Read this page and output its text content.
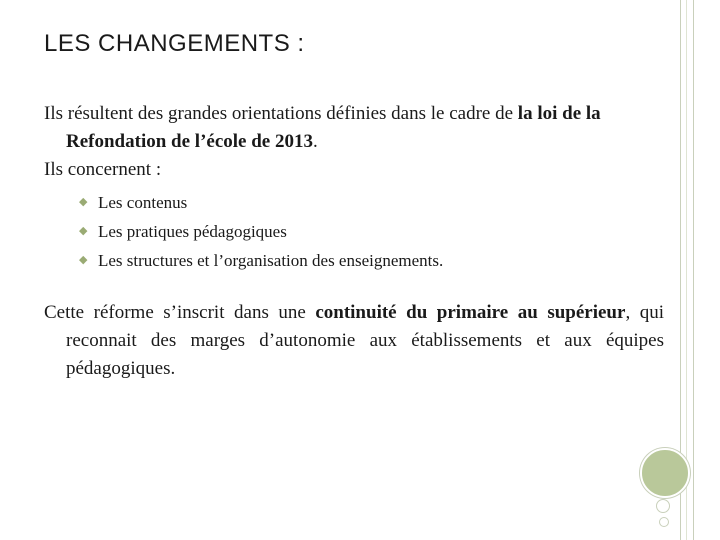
LES CHANGEMENTS :

Ils résultent des grandes orientations définies dans le cadre de la loi de la Refondation de l’école de 2013.

Ils concernent :

◆ Les contenus
◆ Les pratiques pédagogiques
◆ Les structures et l’organisation des enseignements.

Cette réforme s’inscrit dans une continuité du primaire au supérieur, qui reconnait des marges d’autonomie aux établissements et aux équipes pédagogiques.
